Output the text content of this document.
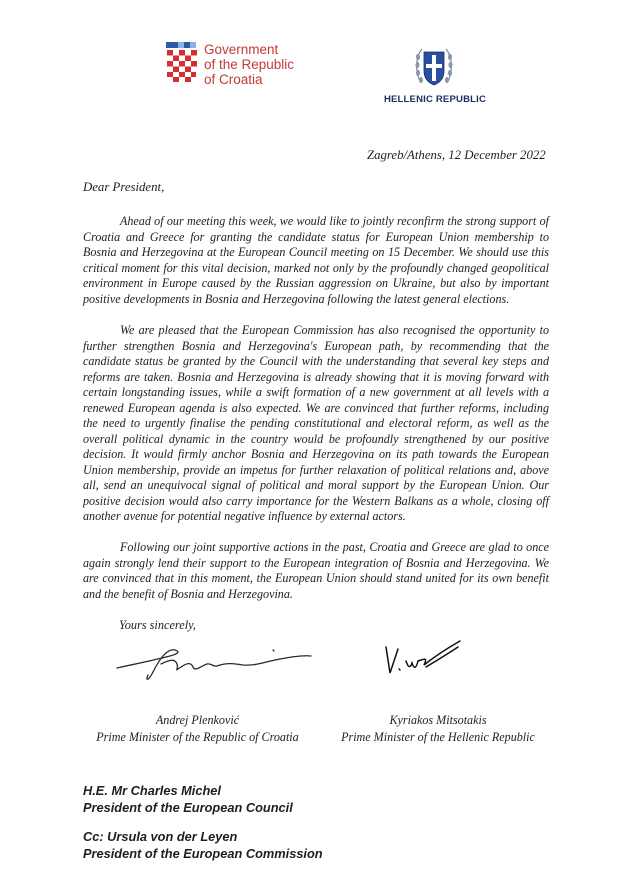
Government
of the Republic
of Croatia
HELLENIC REPUBLIC
Zagreb/Athens, 12 December 2022
Dear President,

Ahead of our meeting this week, we would like to jointly reconfirm the strong support of Croatia and Greece for granting the candidate status for European Union membership to Bosnia and Herzegovina at the European Council meeting on 15 December. We should use this critical moment for this vital decision, marked not only by the profoundly changed geopolitical environment in Europe caused by the Russian aggression on Ukraine, but also by important positive developments in Bosnia and Herzegovina following the latest general elections.

We are pleased that the European Commission has also recognised the opportunity to further strengthen Bosnia and Herzegovina's European path, by recommending that the candidate status be granted by the Council with the understanding that several key steps and reforms are taken. Bosnia and Herzegovina is already showing that it is moving forward with certain longstanding issues, while a swift formation of a new government at all levels with a renewed European agenda is also expected. We are convinced that further reforms, including the need to urgently finalise the pending constitutional and electoral reform, as well as the overall political dynamic in the country would be profoundly strengthened by our positive decision. It would firmly anchor Bosnia and Herzegovina on its path towards the European Union membership, provide an impetus for further relaxation of political relations and, above all, send an unequivocal signal of political and moral support by the European Union. Our positive decision would also carry importance for the Western Balkans as a whole, closing off another avenue for potential negative influence by external actors.

Following our joint supportive actions in the past, Croatia and Greece are glad to once again strongly lend their support to the European integration of Bosnia and Herzegovina. We are convinced that in this moment, the European Union should stand united for its own benefit and the benefit of Bosnia and Herzegovina.

Yours sincerely,
Andrej Plenković
Prime Minister of the Republic of Croatia
Kyriakos Mitsotakis
Prime Minister of the Hellenic Republic
H.E. Mr Charles Michel
President of the European Council
Cc: Ursula von der Leyen
President of the European Commission
